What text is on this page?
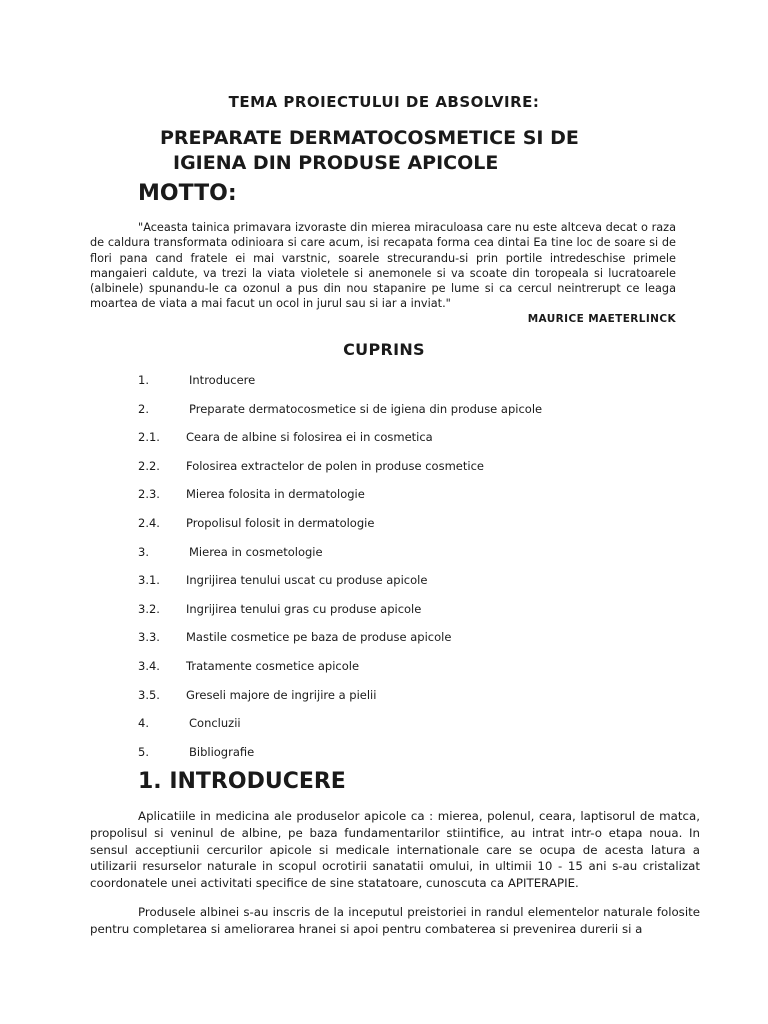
TEMA PROIECTULUI DE ABSOLVIRE:
PREPARATE DERMATOCOSMETICE SI DE
IGIENA DIN PRODUSE APICOLE
MOTTO:
"Aceasta tainica primavara izvoraste din mierea miraculoasa care nu este altceva decat o raza de caldura transformata odinioara si care acum, isi recapata forma cea dintai Ea tine loc de soare si de flori pana cand fratele ei mai varstnic, soarele strecurandu-si prin portile intredeschise primele mangaieri caldute, va trezi la viata violetele si anemonele si va scoate din toropeala si lucratoarele (albinele) spunandu-le ca ozonul a pus din nou stapanire pe lume si ca cercul neintrerupt ce leaga moartea de viata a mai facut un ocol in jurul sau si iar a inviat."
MAURICE MAETERLINCK
CUPRINS
1.	Introducere
2.	Preparate dermatocosmetice si de igiena din produse apicole
2.1. Ceara de albine si folosirea ei in cosmetica
2.2. Folosirea extractelor de polen in produse cosmetice
2.3. Mierea folosita in dermatologie
2.4. Propolisul folosit in dermatologie
3.	Mierea in cosmetologie
3.1. Ingrijirea tenului uscat cu produse apicole
3.2. Ingrijirea tenului gras cu produse apicole
3.3. Mastile cosmetice pe baza de produse apicole
3.4. Tratamente cosmetice apicole
3.5. Greseli majore de ingrijire a pielii
4.	Concluzii
5.	Bibliografie
1. INTRODUCERE
Aplicatiile in medicina ale produselor apicole ca : mierea, polenul, ceara, laptisorul de matca, propolisul si veninul de albine, pe baza fundamentarilor stiintifice, au intrat intr-o etapa noua. In sensul acceptiunii cercurilor apicole si medicale internationale care se ocupa de acesta latura a utilizarii resurselor naturale in scopul ocrotirii sanatatii omului, in ultimii 10 - 15 ani s-au cristalizat coordonatele unei activitati specifice de sine statatoare, cunoscuta ca APITERAPIE.
Produsele albinei s-au inscris de la inceputul preistoriei in randul elementelor naturale folosite pentru completarea si ameliorarea hranei si apoi pentru combaterea si prevenirea durerii si a
